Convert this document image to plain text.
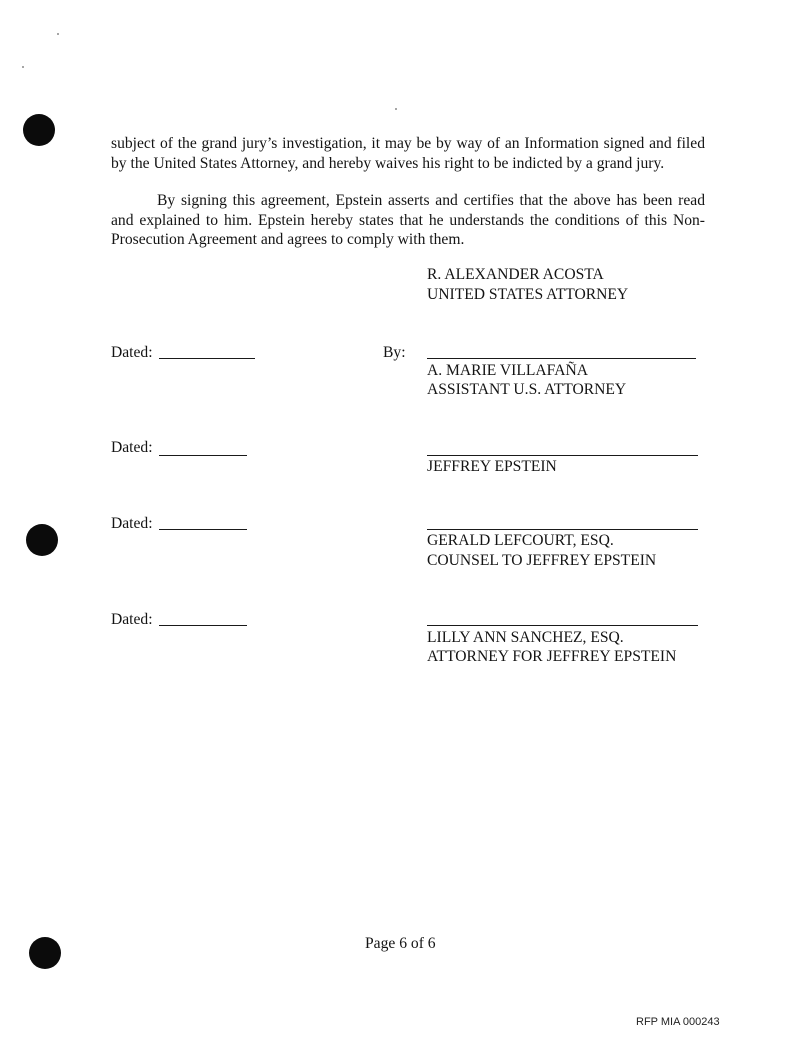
subject of the grand jury’s investigation, it may be by way of an Information signed and filed
by the United States Attorney, and hereby waives his right to be indicted by a grand jury.

By signing this agreement, Epstein asserts and certifies that the above has been read
and explained to him. Epstein hereby states that he understands the conditions of this Non-
Prosecution Agreement and agrees to comply with them.

R. ALEXANDER ACOSTA
UNITED STATES ATTORNEY
Dated:	By:
A. MARIE VILLAFAÑA
ASSISTANT U.S. ATTORNEY
Dated:
JEFFREY EPSTEIN
Dated:
GERALD LEFCOURT, ESQ.
COUNSEL TO JEFFREY EPSTEIN
Dated:
LILLY ANN SANCHEZ, ESQ.
ATTORNEY FOR JEFFREY EPSTEIN
Page 6 of 6
RFP MIA 000243
